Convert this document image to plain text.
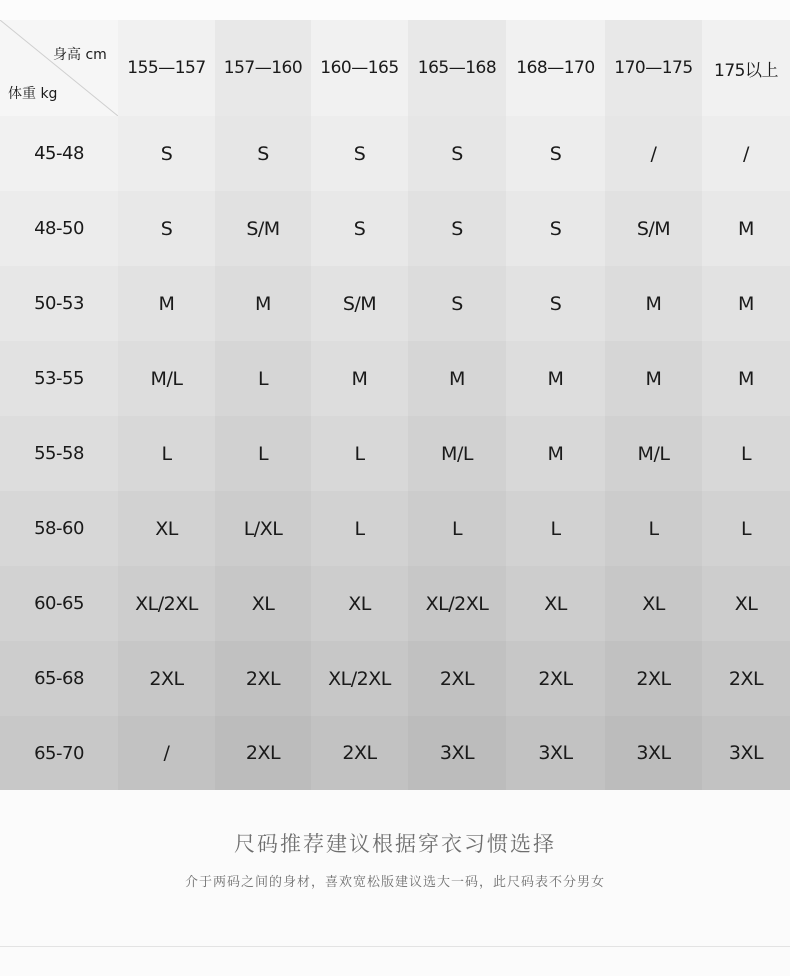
身高 cm
体重 kg
155—157	157—160	160—165	165—168	168—170	170—175	175以上
45-48	S	S	S	S	S	/	/
48-50	S	S/M	S	S	S	S/M	M
50-53	M	M	S/M	S	S	M	M
53-55	M/L	L	M	M	M	M	M
55-58	L	L	L	M/L	M	M/L	L
58-60	XL	L/XL	L	L	L	L	L
60-65	XL/2XL	XL	XL	XL/2XL	XL	XL	XL
65-68	2XL	2XL	XL/2XL	2XL	2XL	2XL	2XL
65-70	/	2XL	2XL	3XL	3XL	3XL	3XL
尺码推荐建议根据穿衣习惯选择
介于两码之间的身材，喜欢宽松版建议选大一码，此尺码表不分男女
